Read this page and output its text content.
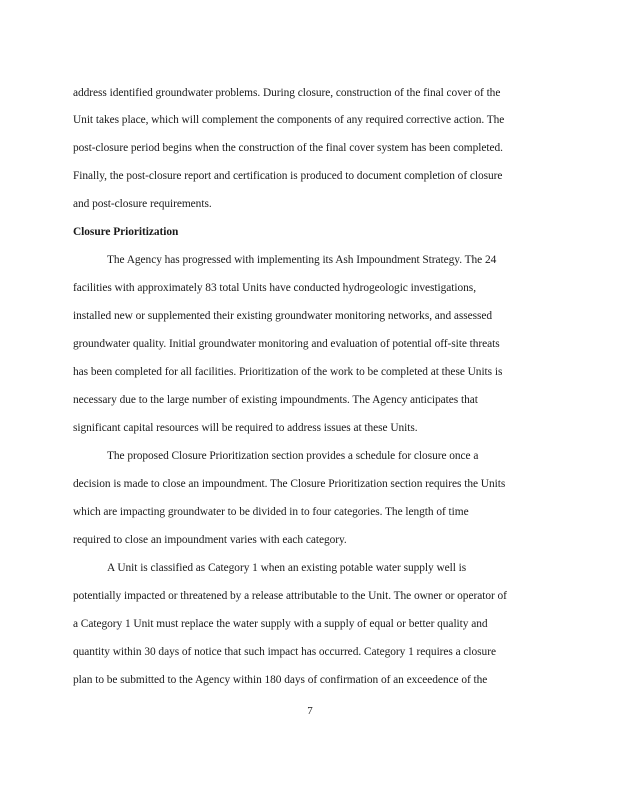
address identified groundwater problems. During closure, construction of the final cover of the
Unit takes place, which will complement the components of any required corrective action. The
post-closure period begins when the construction of the final cover system has been completed.
Finally, the post-closure report and certification is produced to document completion of closure
and post-closure requirements.
Closure Prioritization
The Agency has progressed with implementing its Ash Impoundment Strategy. The 24
facilities with approximately 83 total Units have conducted hydrogeologic investigations,
installed new or supplemented their existing groundwater monitoring networks, and assessed
groundwater quality. Initial groundwater monitoring and evaluation of potential off-site threats
has been completed for all facilities. Prioritization of the work to be completed at these Units is
necessary due to the large number of existing impoundments. The Agency anticipates that
significant capital resources will be required to address issues at these Units.
The proposed Closure Prioritization section provides a schedule for closure once a
decision is made to close an impoundment. The Closure Prioritization section requires the Units
which are impacting groundwater to be divided in to four categories. The length of time
required to close an impoundment varies with each category.
A Unit is classified as Category 1 when an existing potable water supply well is
potentially impacted or threatened by a release attributable to the Unit. The owner or operator of
a Category 1 Unit must replace the water supply with a supply of equal or better quality and
quantity within 30 days of notice that such impact has occurred. Category 1 requires a closure
plan to be submitted to the Agency within 180 days of confirmation of an exceedence of the
7
